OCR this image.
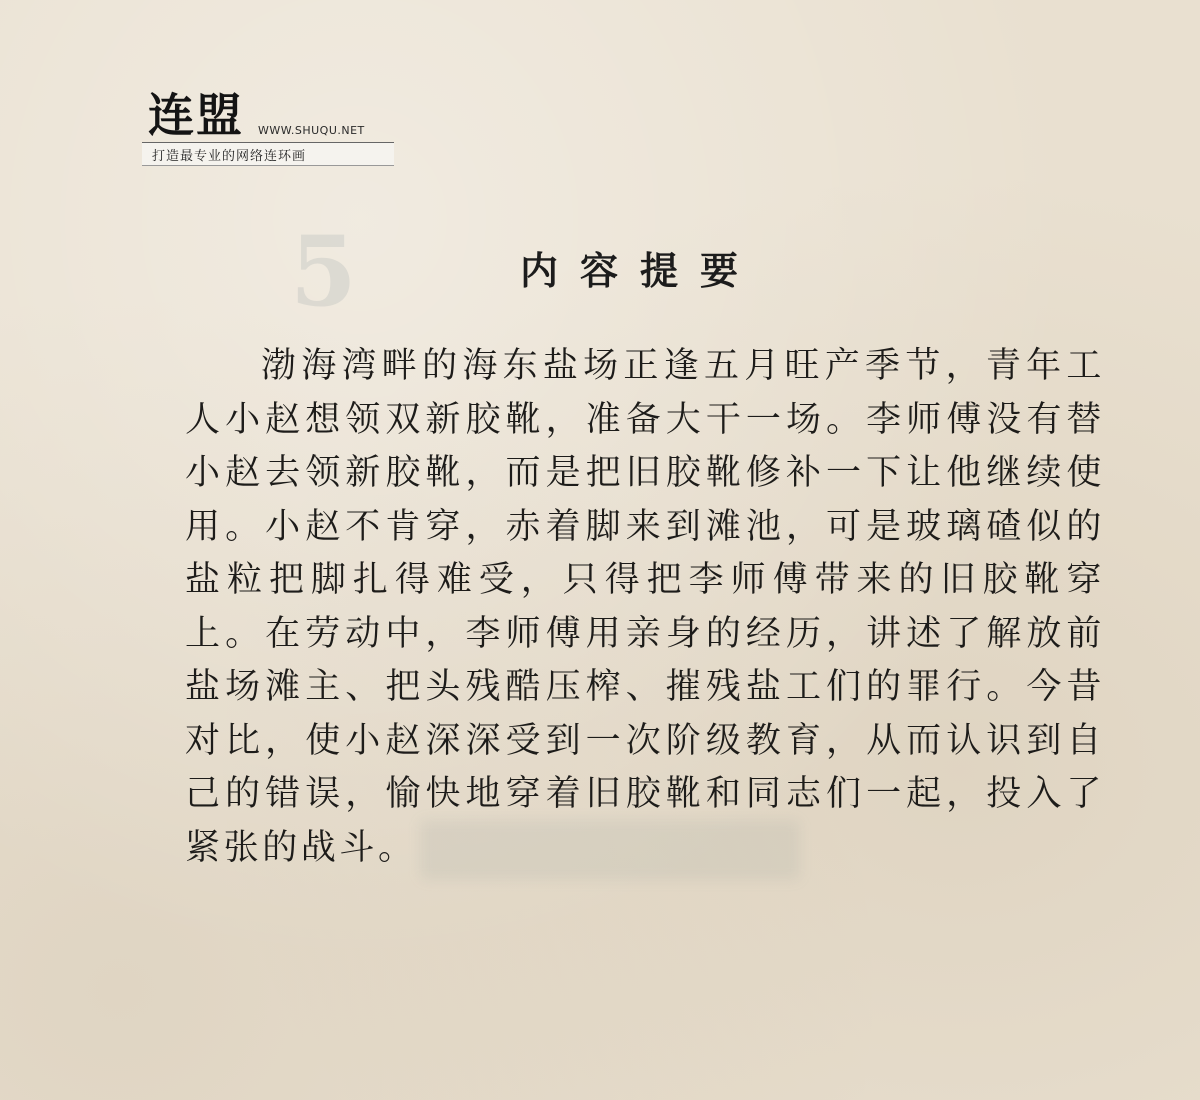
5
连盟 WWW.SHUQU.NET
打造最专业的网络连环画
内容提要

渤海湾畔的海东盐场正逢五月旺产季节，青年工人小赵想领双新胶靴，准备大干一场。李师傅没有替小赵去领新胶靴，而是把旧胶靴修补一下让他继续使用。小赵不肯穿，赤着脚来到滩池，可是玻璃碴似的盐粒把脚扎得难受，只得把李师傅带来的旧胶靴穿上。在劳动中，李师傅用亲身的经历，讲述了解放前盐场滩主、把头残酷压榨、摧残盐工们的罪行。今昔对比，使小赵深深受到一次阶级教育，从而认识到自己的错误，愉快地穿着旧胶靴和同志们一起，投入了紧张的战斗。
